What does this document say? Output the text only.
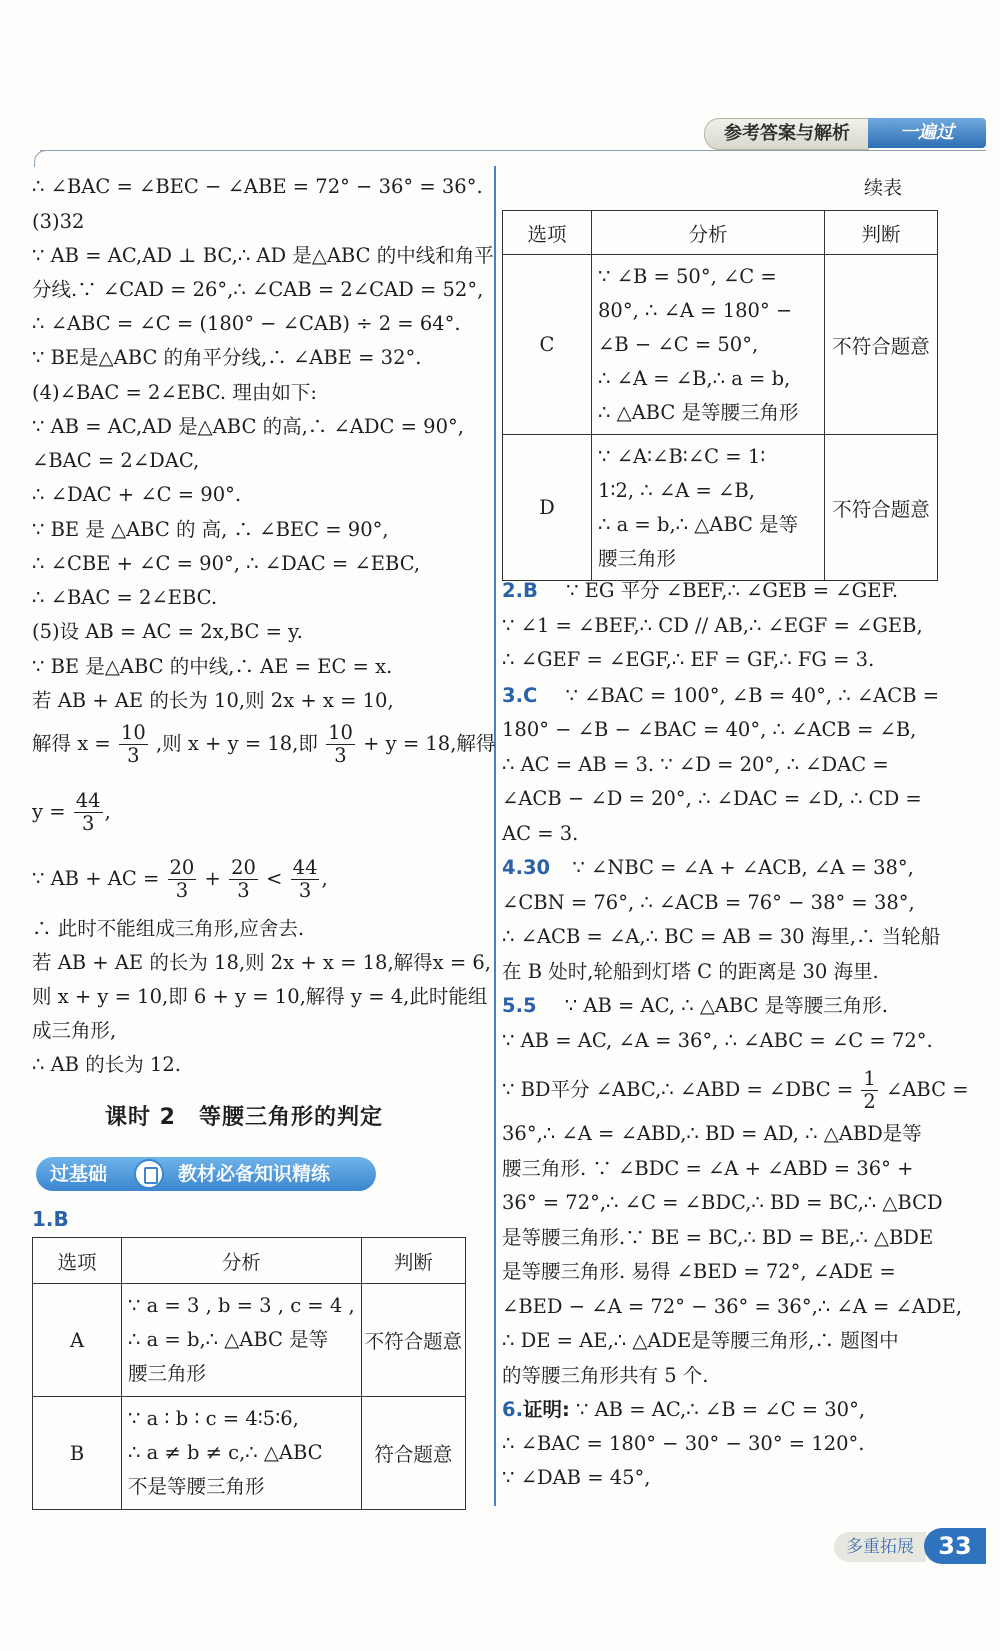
参考答案与解析	一遍过
∴ ∠BAC = ∠BEC − ∠ABE = 72° − 36° = 36°.
(3)32
∵ AB = AC,AD ⊥ BC,∴ AD 是△ABC 的中线和角平
分线.∵ ∠CAD = 26°,∴ ∠CAB = 2∠CAD = 52°,
∴ ∠ABC = ∠C = (180° − ∠CAB) ÷ 2 = 64°.
∵ BE是△ABC 的角平分线,∴ ∠ABE = 32°.
(4)∠BAC = 2∠EBC. 理由如下:
∵ AB = AC,AD 是△ABC 的高,∴ ∠ADC = 90°,
∠BAC = 2∠DAC,
∴ ∠DAC + ∠C = 90°.
∵ BE 是 △ABC 的 高, ∴ ∠BEC = 90°,
∴ ∠CBE + ∠C = 90°, ∴ ∠DAC = ∠EBC,
∴ ∠BAC = 2∠EBC.
(5)设 AB = AC = 2x,BC = y.
∵ BE 是△ABC 的中线,∴ AE = EC = x.
若 AB + AE 的长为 10,则 2x + x = 10,
解得 $x = \frac{10}{3}$ ,则 x + y = 18,即 $\frac{10}{3} + y = 18$,解得
$y = \frac{44}{3}$ ,
∵ AB + AC = $\frac{20}{3} + \frac{20}{3} < \frac{44}{3}$ ,
∴ 此时不能组成三角形,应舍去.
若 AB + AE 的长为 18,则 2x + x = 18,解得x = 6,
则 x + y = 10,即 6 + y = 10,解得 y = 4,此时能组
成三角形,
∴ AB 的长为 12.
课时 2　等腰三角形的判定
过基础	教材必备知识精练
1.B
选项	分析	判断
A	∵ a = 3 , b = 3 , c = 4 ,
∴ a = b,∴ △ABC 是等
腰三角形	不符合题意
B	∵ a ∶ b ∶ c = 4∶5∶6,
∴ a ≠ b ≠ c,∴ △ABC
不是等腰三角形	符合题意
续表
选项	分析	判断
C	∵ ∠B = 50°, ∠C =
80°, ∴ ∠A = 180° −
∠B − ∠C = 50°,
∴ ∠A = ∠B,∴ a = b,
∴ △ABC 是等腰三角形	不符合题意
D	∵ ∠A∶∠B∶∠C = 1∶
1∶2, ∴ ∠A = ∠B,
∴ a = b,∴ △ABC 是等
腰三角形	不符合题意
2.B ∵ EG 平分 ∠BEF,∴ ∠GEB = ∠GEF.
∵ ∠1 = ∠BEF,∴ CD // AB,∴ ∠EGF = ∠GEB,
∴ ∠GEF = ∠EGF,∴ EF = GF,∴ FG = 3.
3.C ∵ ∠BAC = 100°, ∠B = 40°, ∴ ∠ACB =
180° − ∠B − ∠BAC = 40°, ∴ ∠ACB = ∠B,
∴ AC = AB = 3. ∵ ∠D = 20°, ∴ ∠DAC =
∠ACB − ∠D = 20°, ∴ ∠DAC = ∠D, ∴ CD =
AC = 3.
4.30 ∵ ∠NBC = ∠A + ∠ACB, ∠A = 38°,
∠CBN = 76°, ∴ ∠ACB = 76° − 38° = 38°,
∴ ∠ACB = ∠A,∴ BC = AB = 30 海里,∴ 当轮船
在 B 处时,轮船到灯塔 C 的距离是 30 海里.
5.5 ∵ AB = AC, ∴ △ABC 是等腰三角形.
∵ AB = AC, ∠A = 36°, ∴ ∠ABC = ∠C = 72°.
∵ BD平分 ∠ABC,∴ ∠ABD = ∠DBC = $\frac{1}{2}$ ∠ABC =
36°,∴ ∠A = ∠ABD,∴ BD = AD, ∴ △ABD是等
腰三角形. ∵ ∠BDC = ∠A + ∠ABD = 36° +
36° = 72°,∴ ∠C = ∠BDC,∴ BD = BC,∴ △BCD
是等腰三角形.∵ BE = BC,∴ BD = BE,∴ △BDE
是等腰三角形. 易得 ∠BED = 72°, ∠ADE =
∠BED − ∠A = 72° − 36° = 36°,∴ ∠A = ∠ADE,
∴ DE = AE,∴ △ADE是等腰三角形,∴ 题图中
的等腰三角形共有 5 个.
6.证明: ∵ AB = AC,∴ ∠B = ∠C = 30°,
∴ ∠BAC = 180° − 30° − 30° = 120°.
∵ ∠DAB = 45°,
多重拓展	33
